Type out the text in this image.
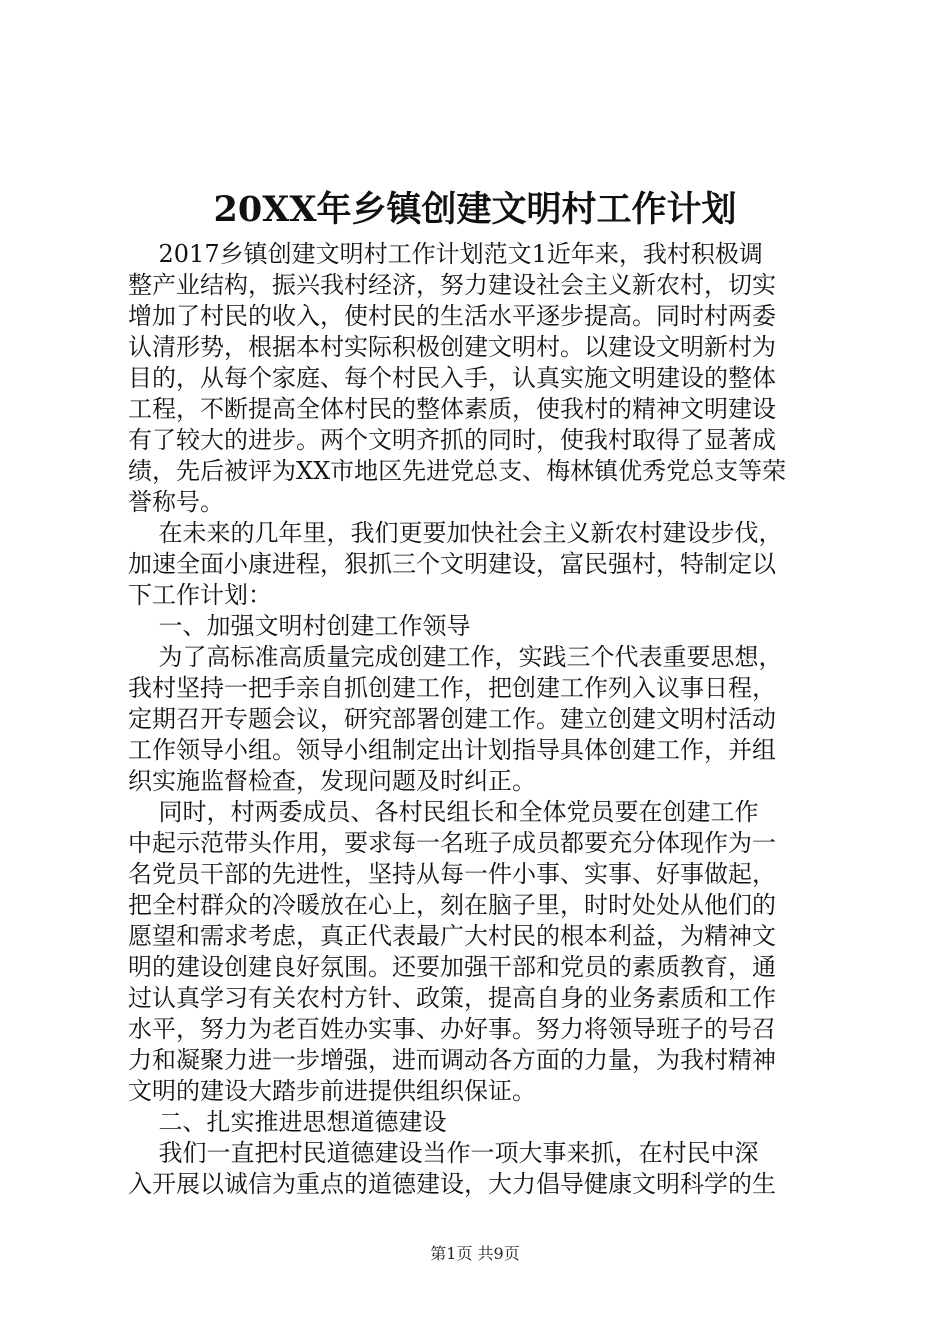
20XX年乡镇创建文明村工作计划
2017乡镇创建文明村工作计划范文1近年来，我村积极调
整产业结构，振兴我村经济，努力建设社会主义新农村，切实
增加了村民的收入，使村民的生活水平逐步提高。同时村两委
认清形势，根据本村实际积极创建文明村。以建设文明新村为
目的，从每个家庭、每个村民入手，认真实施文明建设的整体
工程，不断提高全体村民的整体素质，使我村的精神文明建设
有了较大的进步。两个文明齐抓的同时，使我村取得了显著成
绩，先后被评为XX市地区先进党总支、梅林镇优秀党总支等荣
誉称号。
在未来的几年里，我们更要加快社会主义新农村建设步伐，
加速全面小康进程，狠抓三个文明建设，富民强村，特制定以
下工作计划：
一、加强文明村创建工作领导
为了高标准高质量完成创建工作，实践三个代表重要思想，
我村坚持一把手亲自抓创建工作，把创建工作列入议事日程，
定期召开专题会议，研究部署创建工作。建立创建文明村活动
工作领导小组。领导小组制定出计划指导具体创建工作，并组
织实施监督检查，发现问题及时纠正。
同时，村两委成员、各村民组长和全体党员要在创建工作
中起示范带头作用，要求每一名班子成员都要充分体现作为一
名党员干部的先进性，坚持从每一件小事、实事、好事做起，
把全村群众的冷暖放在心上，刻在脑子里，时时处处从他们的
愿望和需求考虑，真正代表最广大村民的根本利益，为精神文
明的建设创建良好氛围。还要加强干部和党员的素质教育，通
过认真学习有关农村方针、政策，提高自身的业务素质和工作
水平，努力为老百姓办实事、办好事。努力将领导班子的号召
力和凝聚力进一步增强，进而调动各方面的力量，为我村精神
文明的建设大踏步前进提供组织保证。
二、扎实推进思想道德建设
我们一直把村民道德建设当作一项大事来抓，在村民中深
入开展以诚信为重点的道德建设，大力倡导健康文明科学的生
第1页 共9页
